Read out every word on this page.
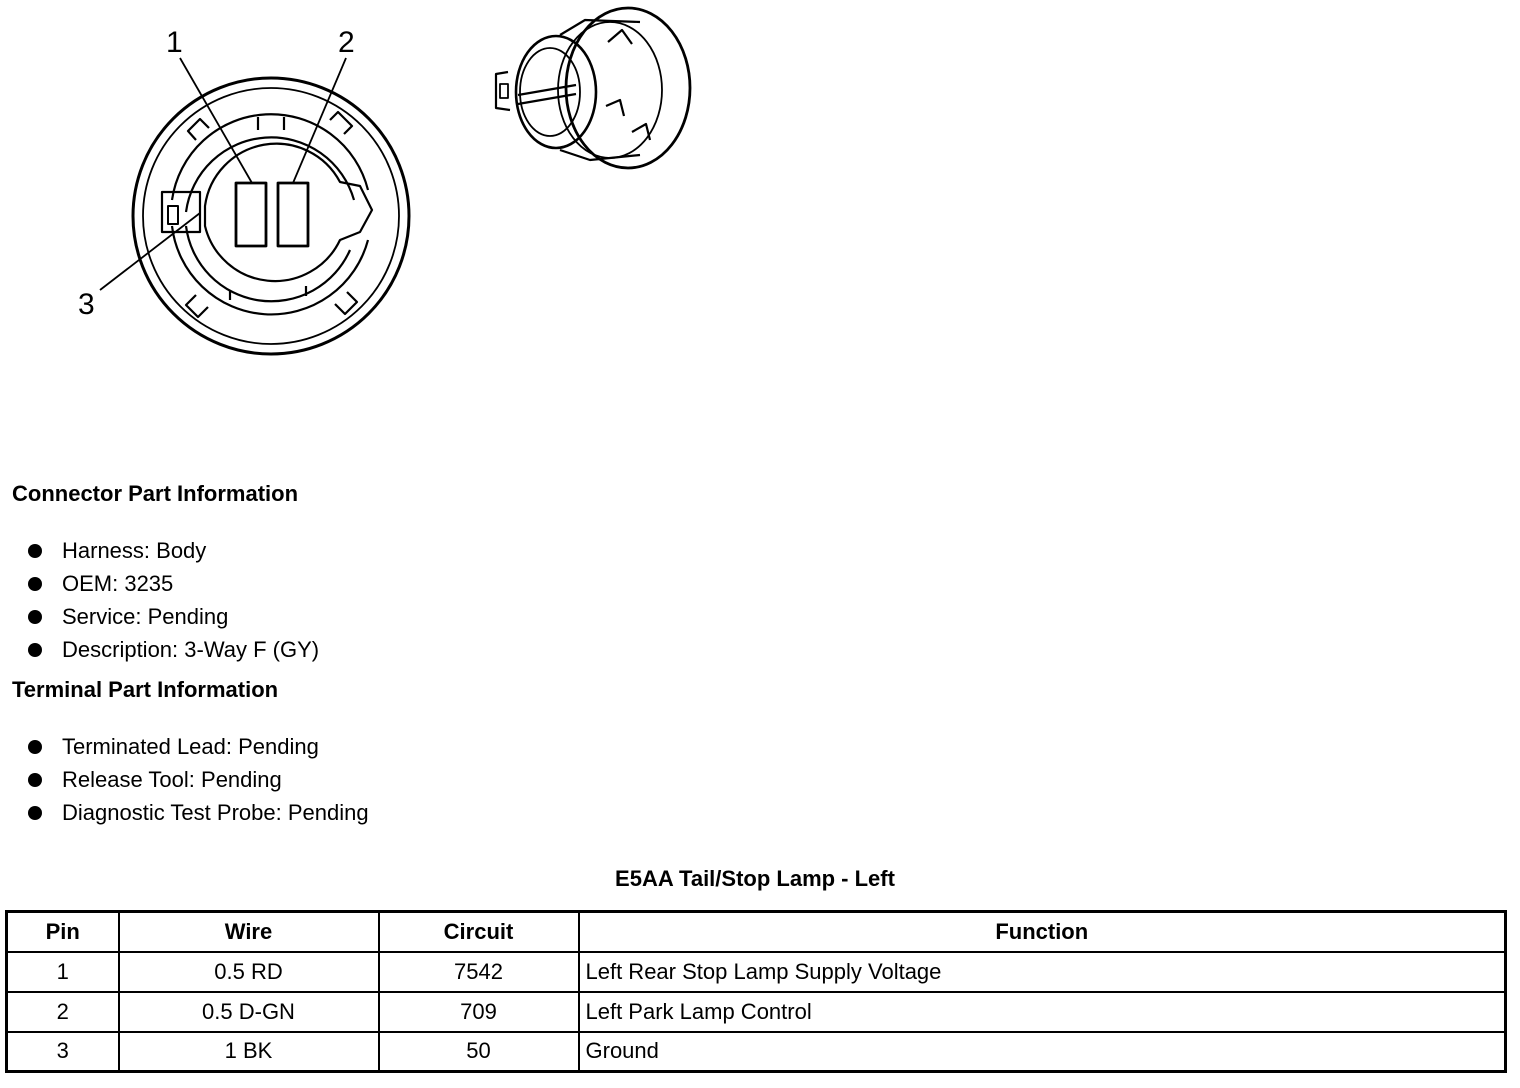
1	2
3
Connector Part Information
Harness: Body
OEM: 3235
Service: Pending
Description: 3-Way F (GY)
Terminal Part Information
Terminated Lead: Pending
Release Tool: Pending
Diagnostic Test Probe: Pending
E5AA Tail/Stop Lamp - Left
Pin	Wire	Circuit	Function
1	0.5 RD	7542	Left Rear Stop Lamp Supply Voltage
2	0.5 D-GN	709	Left Park Lamp Control
3	1 BK	50	Ground
